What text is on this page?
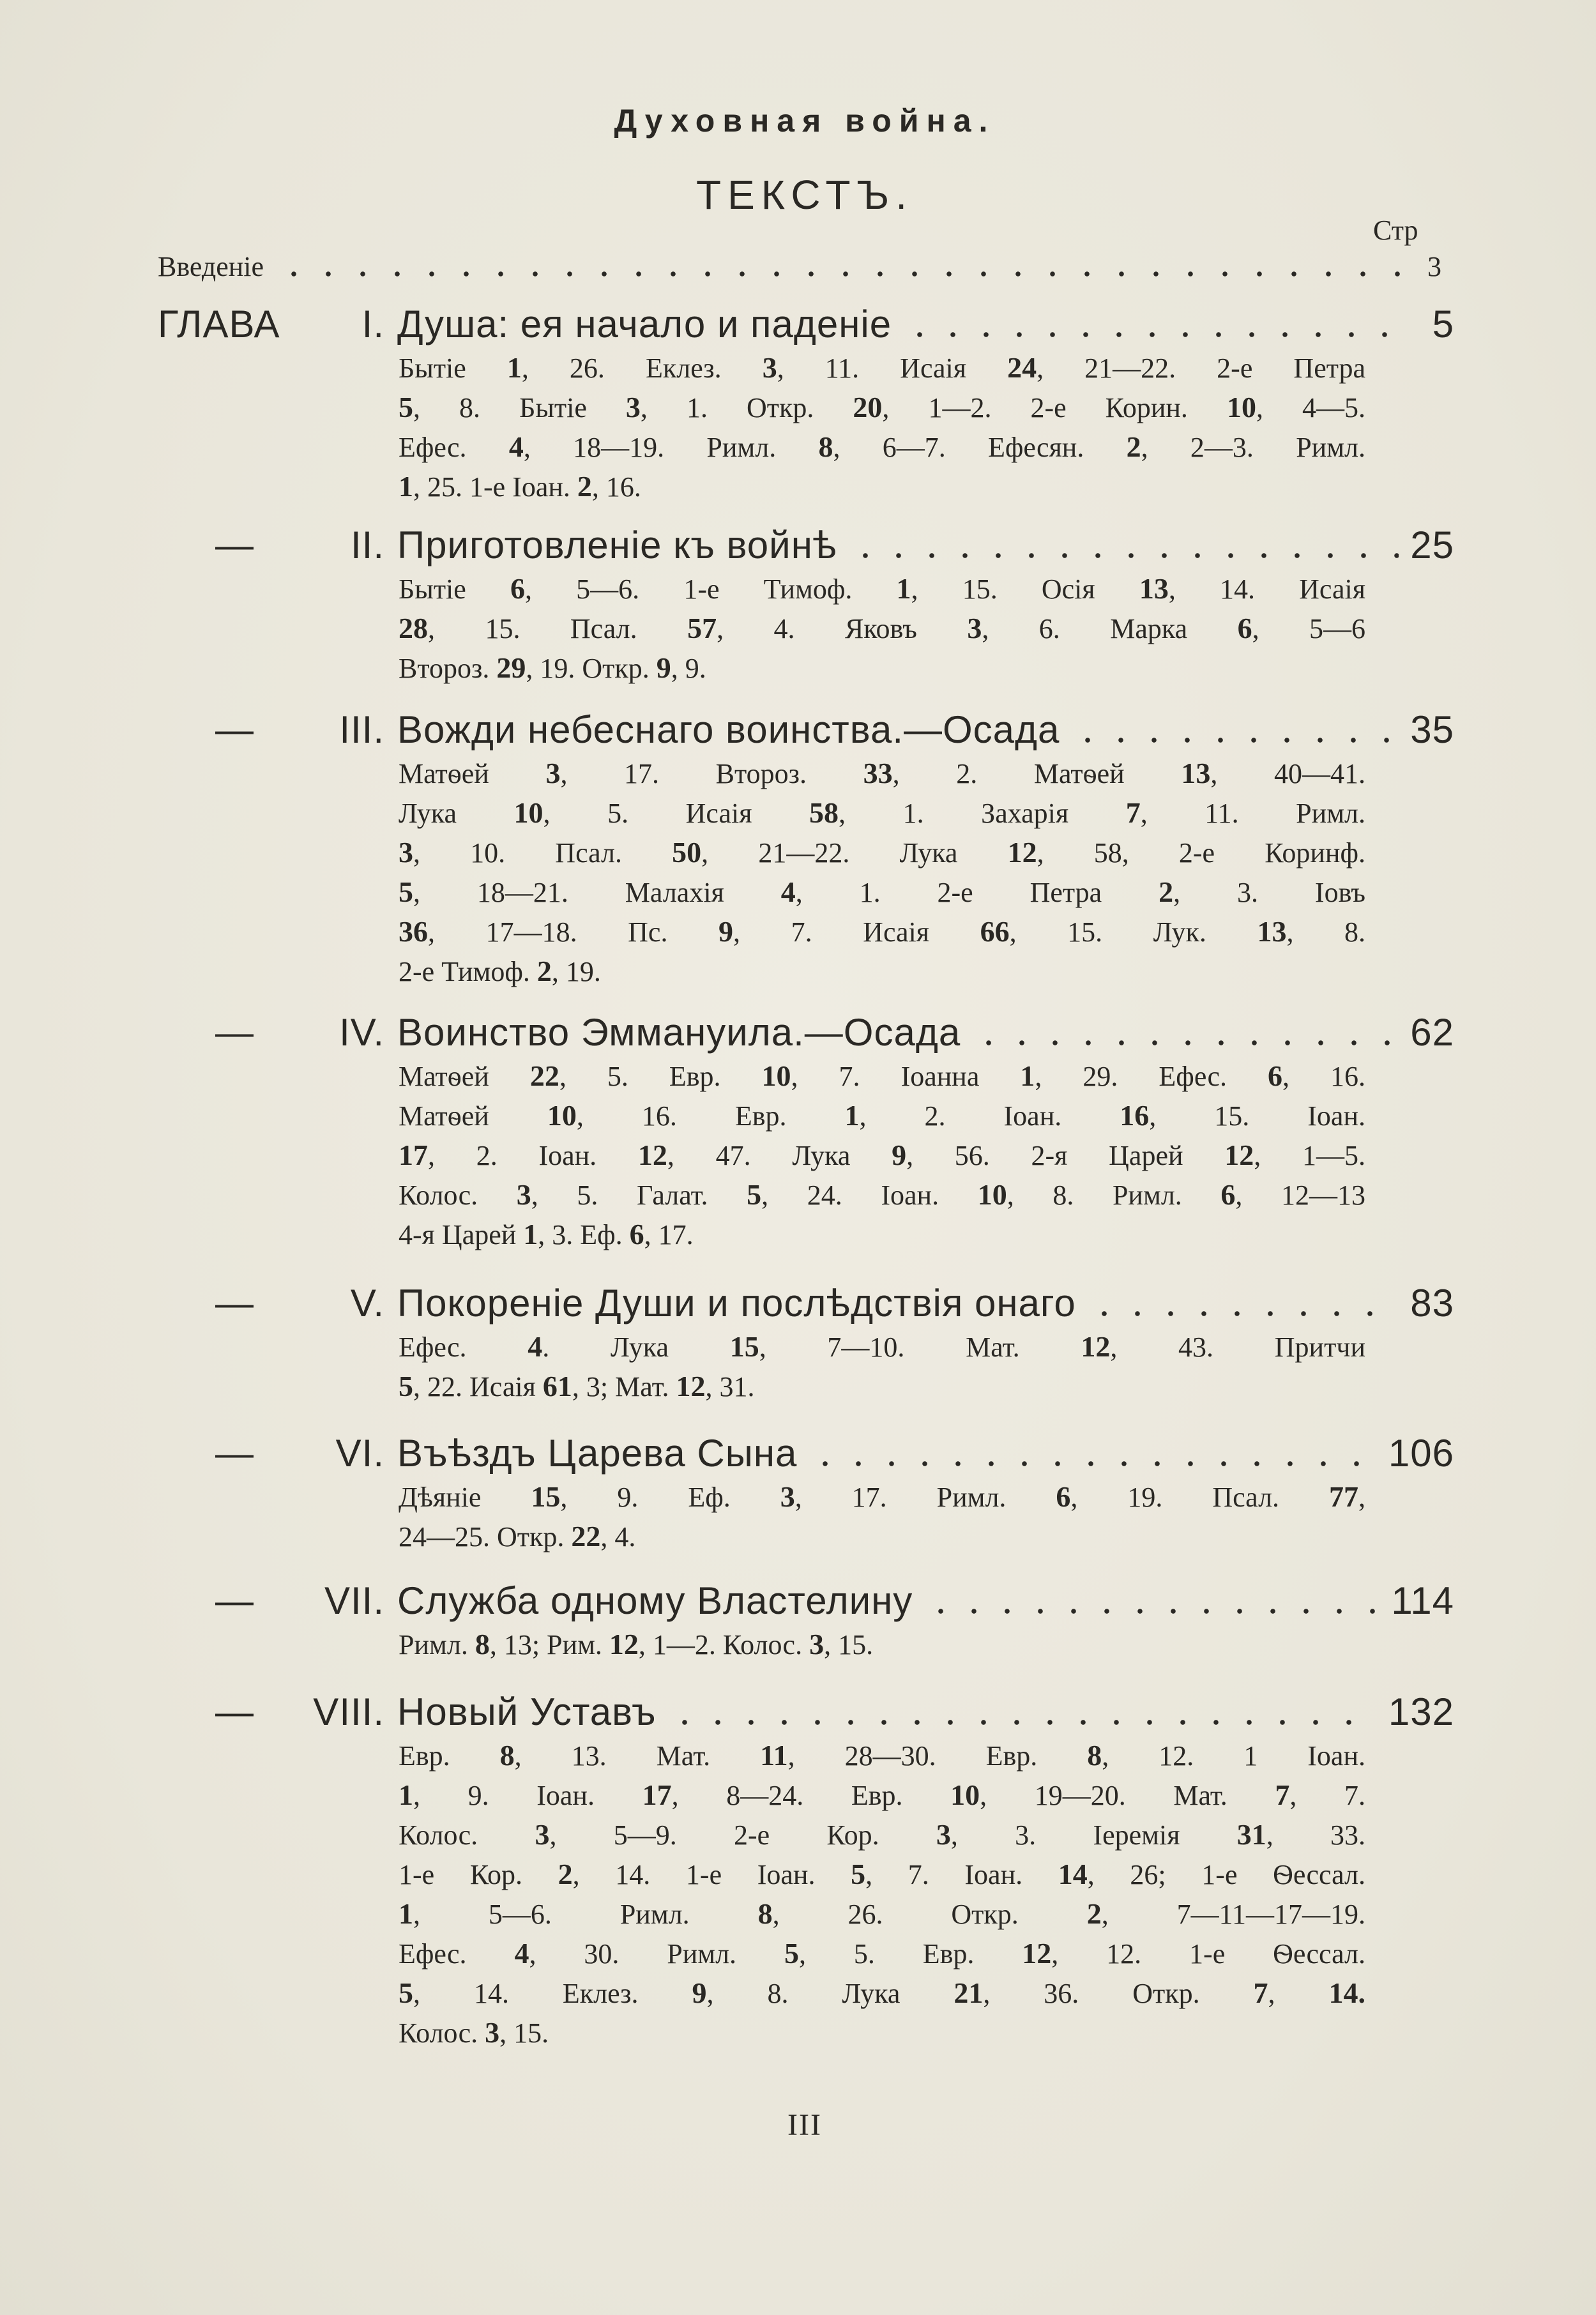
Духовная война.
ТЕКСТЪ.
Стр
Введеніе	3
ГЛАВА	I. Душа: ея начало и паденіе	5
Бытіе 1, 26. Еклез. 3, 11. Исаія 24, 21—22. 2-е Петра
5, 8. Бытіе 3, 1. Откр. 20, 1—2. 2-е Корин. 10, 4—5.
Ефес. 4, 18—19. Римл. 8, 6—7. Ефесян. 2, 2—3. Римл.
1, 25. 1-е Іоан. 2, 16.
—	II. Приготовленіе къ войнѣ	25
Бытіе 6, 5—6. 1-е Тимоф. 1, 15. Осія 13, 14. Исаія
28, 15. Псал. 57, 4. Яковъ 3, 6. Марка 6, 5—6
Второз. 29, 19. Откр. 9, 9.
—	III. Вожди небеснаго воинства.—Осада	35
Матѳей 3, 17. Второз. 33, 2. Матѳей 13, 40—41.
Лука 10, 5. Исаія 58, 1. Захарія 7, 11. Римл.
3, 10. Псал. 50, 21—22. Лука 12, 58, 2-е Коринф.
5, 18—21. Малахія 4, 1. 2-е Петра 2, 3. Іовъ
36, 17—18. Пс. 9, 7. Исаія 66, 15. Лук. 13, 8.
2-е Тимоф. 2, 19.
—	IV. Воинство Эммануила.—Осада	62
Матѳей 22, 5. Евр. 10, 7. Іоанна 1, 29. Ефес. 6, 16.
Матѳей 10, 16. Евр. 1, 2. Іоан. 16, 15. Іоан.
17, 2. Іоан. 12, 47. Лука 9, 56. 2-я Царей 12, 1—5.
Колос. 3, 5. Галат. 5, 24. Іоан. 10, 8. Римл. 6, 12—13
4-я Царей 1, 3. Еф. 6, 17.
—	V. Покореніе Души и послѣдствія онаго	83
Ефес. 4. Лука 15, 7—10. Мат. 12, 43. Притчи
5, 22. Исаія 61, 3; Мат. 12, 31.
—	VI. Въѣздъ Царева Сына	106
Дѣяніе 15, 9. Еф. 3, 17. Римл. 6, 19. Псал. 77,
24—25. Откр. 22, 4.
—	VII. Служба одному Властелину	114
Римл. 8, 13; Рим. 12, 1—2. Колос. 3, 15.
—	VIII. Новый Уставъ	132
Евр. 8, 13. Мат. 11, 28—30. Евр. 8, 12. 1 Іоан.
1, 9. Іоан. 17, 8—24. Евр. 10, 19—20. Мат. 7, 7.
Колос. 3, 5—9. 2-е Кор. 3, 3. Іеремія 31, 33.
1-е Кор. 2, 14. 1-е Іоан. 5, 7. Іоан. 14, 26; 1-е Ѳессал.
1, 5—6. Римл. 8, 26. Откр. 2, 7—11—17—19.
Ефес. 4, 30. Римл. 5, 5. Евр. 12, 12. 1-е Ѳессал.
5, 14. Еклез. 9, 8. Лука 21, 36. Откр. 7, 14.
Колос. 3, 15.
III
